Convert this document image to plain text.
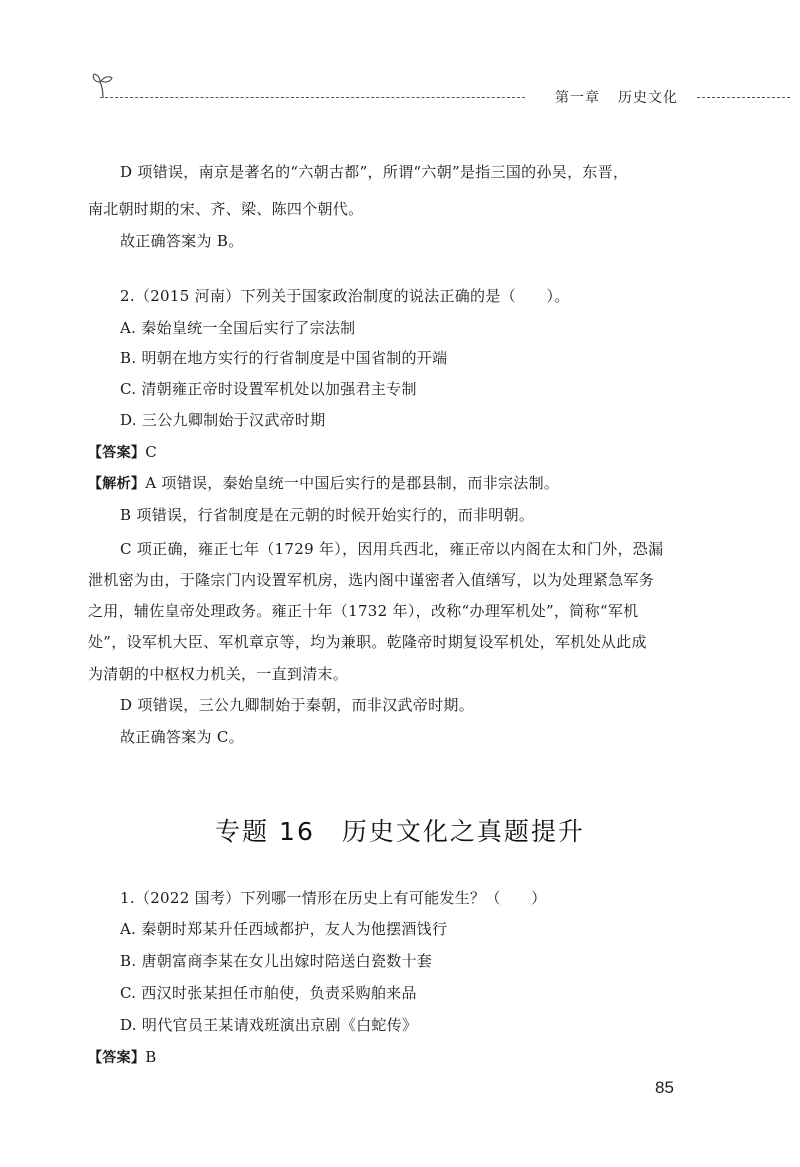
第一章 历史文化
D 项错误，南京是著名的“六朝古都”，所谓“六朝”是指三国的孙吴，东晋，
南北朝时期的宋、齐、梁、陈四个朝代。
故正确答案为 B。
2.（2015 河南）下列关于国家政治制度的说法正确的是（　　）。
A. 秦始皇统一全国后实行了宗法制
B. 明朝在地方实行的行省制度是中国省制的开端
C. 清朝雍正帝时设置军机处以加强君主专制
D. 三公九卿制始于汉武帝时期
【答案】C
【解析】A 项错误，秦始皇统一中国后实行的是郡县制，而非宗法制。
B 项错误，行省制度是在元朝的时候开始实行的，而非明朝。
C 项正确，雍正七年（1729 年），因用兵西北，雍正帝以内阁在太和门外，恐漏
泄机密为由，于隆宗门内设置军机房，选内阁中谨密者入值缮写，以为处理紧急军务
之用，辅佐皇帝处理政务。雍正十年（1732 年），改称“办理军机处”，简称“军机
处”，设军机大臣、军机章京等，均为兼职。乾隆帝时期复设军机处，军机处从此成
为清朝的中枢权力机关，一直到清末。
D 项错误，三公九卿制始于秦朝，而非汉武帝时期。
故正确答案为 C。
专题 16　历史文化之真题提升
1.（2022 国考）下列哪一情形在历史上有可能发生？（　　）
A. 秦朝时郑某升任西域都护，友人为他摆酒饯行
B. 唐朝富商李某在女儿出嫁时陪送白瓷数十套
C. 西汉时张某担任市舶使，负责采购舶来品
D. 明代官员王某请戏班演出京剧《白蛇传》
【答案】B
85
